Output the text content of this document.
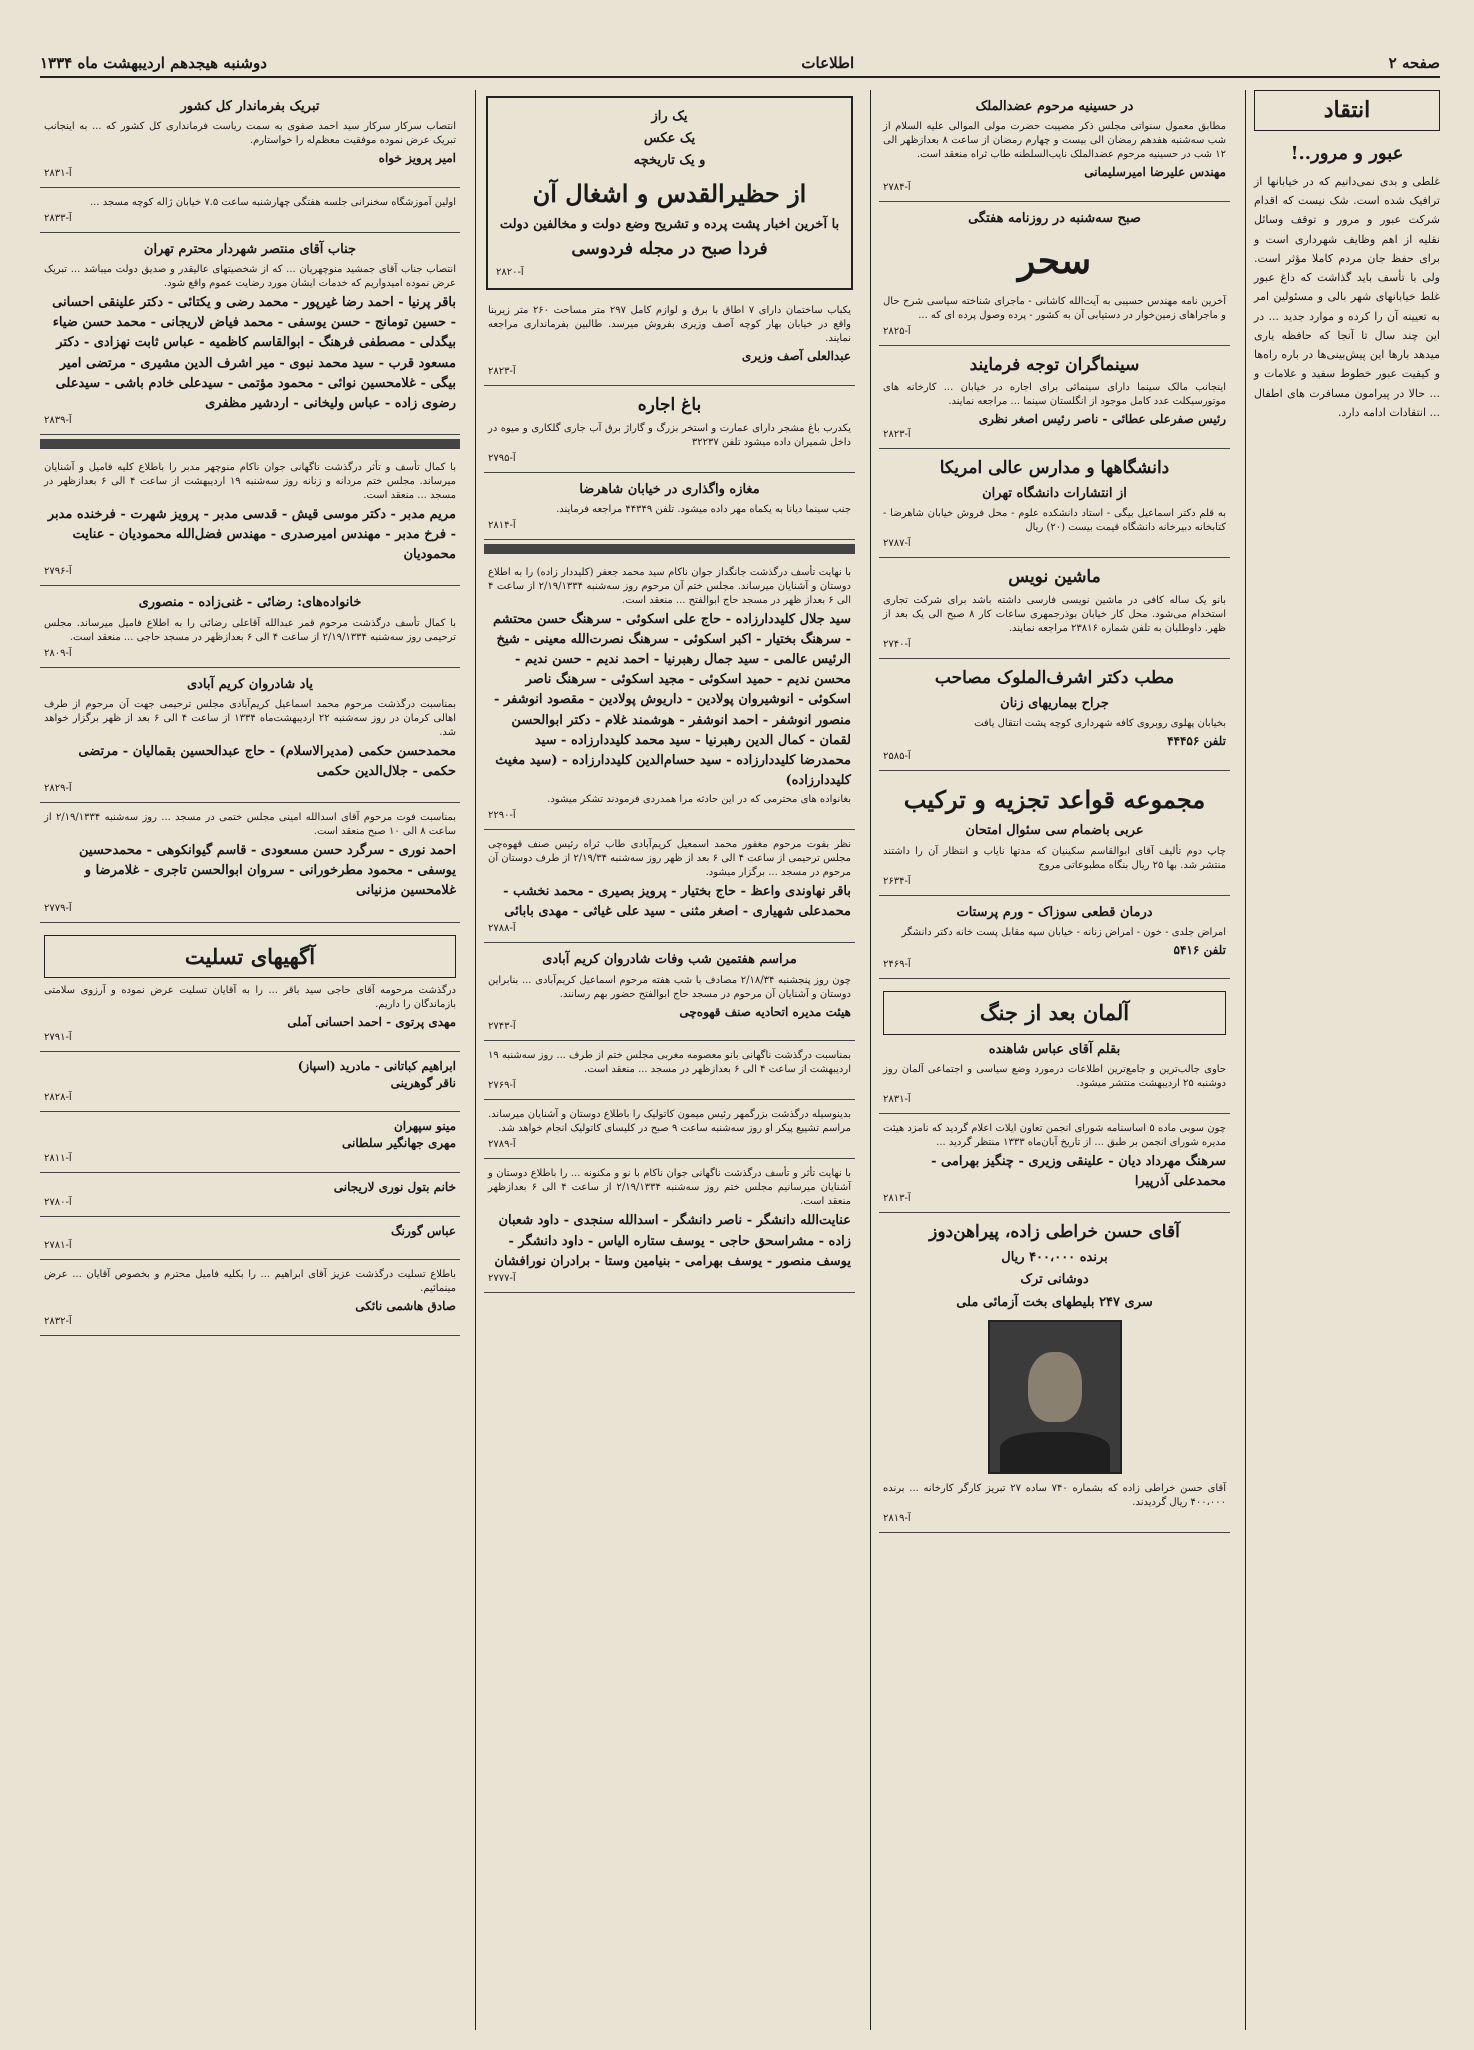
صفحه ۲
اطلاعات
دوشنبه هیجدهم اردیبهشت ماه ۱۳۳۴
انتقاد
عبور و مرور..!

غلطی و بدی نمی‌دانیم که در خیابانها از ترافیک شده است. شک نیست که اقدام شرکت عبور و مرور و توقف وسائل نقلیه از اهم وظایف شهرداری است و برای حفظ جان مردم کاملا مؤثر است. ولی با تأسف باید گذاشت که داغ عبور غلط خیابانهای شهر بالی و مسئولین امر به تعیینه آن را کرده و موارد جدید ... در این چند سال تا آنجا که حافظه یاری میدهد بارها این پیش‌بینی‌ها در باره راه‌ها و کیفیت عبور خطوط سفید و علامات و ... حالا در پیرامون مسافرت های اطفال ... انتقادات ادامه دارد.

در حسینیه مرحوم عضدالملک

مطابق معمول سنواتی مجلس ذکر مصیبت حضرت مولی الموالی علیه السلام از شب سه‌شنبه هفدهم رمضان الی بیست و چهارم رمضان از ساعت ۸ بعدازظهر الی ۱۲ شب در حسینیه مرحوم عضدالملک نایب‌السلطنه طاب ثراه منعقد است.

مهندس علیرضا امیرسلیمانی
آ-۲۷۸۴
صبح سه‌شنبه در روزنامه هفتگی
سحر

آخرین نامه مهندس حسیبی به آیت‌الله کاشانی - ماجرای شناخته سیاسی شرح حال و ماجراهای زمین‌خوار در دستیابی آن به کشور - پرده وصول پرده ای که ...

آ-۲۸۲۵
سینماگران توجه فرمایند

اینجانب مالک سینما دارای سینمائی برای اجاره در خیابان ... کارخانه های موتورسیکلت عدد کامل موجود از انگلستان سینما ... مراجعه نمایند.

رئیس صفرعلی عطائی - ناصر رئیس اصغر نظری
آ-۲۸۲۳
دانشگاهها و مدارس عالی امریکا
از انتشارات دانشگاه تهران

به قلم دکتر اسماعیل بیگی - استاد دانشکده علوم - محل فروش خیابان شاهرضا - کتابخانه دبیرخانه دانشگاه قیمت بیست (۲۰) ریال

آ-۲۷۸۷
ماشین نویس

بانو یک ساله کافی در ماشین نویسی فارسی داشته باشد برای شرکت تجاری استخدام می‌شود. محل کار خیابان بوذرجمهری ساعات کار ۸ صبح الی یک بعد از ظهر. داوطلبان به تلفن شماره ۲۳۸۱۶ مراجعه نمایند.

آ-۲۷۴۰
مطب دکتر اشرف‌الملوک مصاحب
جراح بیماریهای زنان

بخیابان پهلوی روبروی کافه شهرداری کوچه پشت انتقال یافت

تلفن ۴۴۴۵۶
آ-۲۵۸۵
مجموعه قواعد تجزیه و ترکیب
عربی باضمام سی سئوال امتحان

چاپ دوم تألیف آقای ابوالقاسم سکینیان که مدتها نایاب و انتظار آن را داشتند منتشر شد. بها ۲۵ ریال بنگاه مطبوعاتی مروج

آ-۲۶۳۴
درمان قطعی سوزاک - ورم پرستات

امراض جلدی - خون - امراض زنانه - خیابان سپه مقابل پست خانه دکتر دانشگر

تلفن ۵۴۱۶
آ-۲۴۶۹
آلمان بعد از جنگ
بقلم آقای عباس شاهنده

حاوی جالب‌ترین و جامع‌ترین اطلاعات درمورد وضع سیاسی و اجتماعی آلمان روز دوشنبه ۲۵ اردیبهشت منتشر میشود.

آ-۲۸۳۱

چون سوبی ماده ۵ اساسنامه شورای انجمن تعاون ایلات اعلام گردید که نامزد هیئت مدیره شورای انجمن بر طبق ... از تاریخ آبان‌ماه ۱۳۳۳ منتظر گردید ...

سرهنگ مهرداد دیان - علینقی وزیری - چنگیز بهرامی - محمدعلی آذرپیرا
آ-۲۸۱۳
آقای حسن خراطی زاده، پیراهن‌دوز
برنده ۴۰۰،۰۰۰ ریال
دوشانی ترک
سری ۲۴۷ بلیطهای بخت آزمائی ملی

آقای حسن خراطی زاده که بشماره ۷۴۰ ساده ۲۷ تبریز کارگر کارخانه ... برنده ۴۰۰،۰۰۰ ریال گردیدند.

آ-۲۸۱۹
یک راز
یک عکس
و یک تاریخچه
از حظیرالقدس و اشغال آن
با آخرین اخبار پشت پرده و تشریح وضع دولت و مخالفین دولت
فردا صبح در مجله فردوسی
آ-۲۸۲۰

یکباب ساختمان دارای ۷ اطاق با برق و لوازم کامل ۲۹۷ متر مساحت ۲۶۰ متر زیربنا واقع در خیابان بهار کوچه آصف وزیری بفروش میرسد. طالبین بفرمانداری مراجعه نمایند.

عبدالعلی آصف وزیری
آ-۲۸۲۳
باغ اجاره

یکدرب باغ مشجر دارای عمارت و استخر بزرگ و گاراژ برق آب جاری گلکاری و میوه در داخل شمیران داده میشود تلفن ۳۲۲۳۷

آ-۲۷۹۵
مغازه واگذاری در خیابان شاهرضا

جنب سینما دیانا به یکماه مهر داده میشود. تلفن ۴۴۳۴۹ مراجعه فرمایند.

آ-۲۸۱۴

با نهایت تأسف درگذشت جانگداز جوان ناکام سید محمد جعفر (کلیددار زاده) را به اطلاع دوستان و آشنایان میرساند. مجلس ختم آن مرحوم روز سه‌شنبه ۲/۱۹/۱۳۳۴ از ساعت ۴ الی ۶ بعداز ظهر در مسجد حاج ابوالفتح ... منعقد است.

سید جلال کلیددارزاده - حاج علی اسکوئی - سرهنگ حسن محتشم - سرهنگ بختیار - اکبر اسکوئی - سرهنگ نصرت‌الله معینی - شیخ الرئیس عالمی - سید جمال رهبرنیا - احمد ندیم - حسن ندیم - محسن ندیم - حمید اسکوئی - مجید اسکوئی - سرهنگ ناصر اسکوئی - انوشیروان پولادین - داریوش پولادین - مقصود انوشفر - منصور انوشفر - احمد انوشفر - هوشمند غلام - دکتر ابوالحسن لقمان - کمال الدین رهبرنیا - سید محمد کلیددارزاده - سید محمدرضا کلیددارزاده - سید حسام‌الدین کلیددارزاده - (سید مغیث کلیددارزاده)

بغانواده های محترمی که در این حادثه مرا همدردی فرمودند تشکر میشود.

آ-۲۲۹۰

نظر بفوت مرحوم مغفور محمد اسمعیل کریم‌آبادی طاب ثراه رئیس صنف قهوه‌چی مجلس ترحیمی از ساعت ۴ الی ۶ بعد از ظهر روز سه‌شنبه ۲/۱۹/۳۴ از طرف دوستان آن مرحوم در مسجد ... برگزار میشود.

باقر نهاوندی واعظ - حاج بختیار - پرویز بصیری - محمد نخشب - محمدعلی شهیاری - اصغر مثنی - سید علی غیاثی - مهدی بابائی
آ-۲۷۸۸
مراسم هفتمین شب وفات شادروان کریم آبادی

چون روز پنجشنبه ۲/۱۸/۳۴ مصادف با شب هفته مرحوم اسماعیل کریم‌آبادی ... بنابراین دوستان و آشنایان آن مرحوم در مسجد حاج ابوالفتح حضور بهم رسانند.

هیئت مدیره اتحادیه صنف قهوه‌چی
آ-۲۷۴۳

بمناسبت درگذشت ناگهانی بانو معصومه مغربی مجلس ختم از طرف ... روز سه‌شنبه ۱۹ اردیبهشت از ساعت ۴ الی ۶ بعدازظهر در مسجد ... منعقد است.

آ-۲۷۶۹

بدینوسیله درگذشت بزرگمهر رئیس میمون کاتولیک را باطلاع دوستان و آشنایان میرساند. مراسم تشییع پیکر او روز سه‌شنبه ساعت ۹ صبح در کلیسای کاتولیک انجام خواهد شد.

آ-۲۷۸۹

با نهایت تأثر و تأسف درگذشت ناگهانی جوان ناکام با نو و مکنونه ... را باطلاع دوستان و آشنایان میرسانیم مجلس ختم روز سه‌شنبه ۲/۱۹/۱۳۳۴ از ساعت ۴ الی ۶ بعدازظهر منعقد است.

عنایت‌الله دانشگر - ناصر دانشگر - اسدالله سنجدی - داود شعبان زاده - مشراسحق حاجی - یوسف ستاره الیاس - داود دانشگر - یوسف منصور - یوسف بهرامی - بنیامین وستا - برادران نورافشان
آ-۲۷۷۷
تبریک بفرماندار کل کشور

انتصاب سرکار سرکار سید احمد صفوی به سمت ریاست فرمانداری کل کشور که ... به اینجانب تبریک عرض نموده موفقیت معظم‌له را خواستارم.

امیر پرویز خواه
آ-۲۸۳۱

اولین آموزشگاه سخنرانی جلسه هفتگی چهارشنبه ساعت ۷.۵ خیابان ژاله کوچه مسجد ...

آ-۲۸۳۳
جناب آقای منتصر شهردار محترم تهران

انتصاب جناب آقای جمشید منوچهریان ... که از شخصیتهای عالیقدر و صدیق دولت میباشد ... تبریک عرض نموده امیدواریم که خدمات ایشان مورد رضایت عموم واقع شود.

باقر پرنیا - احمد رضا غیرپور - محمد رضی و یکتائی - دکتر علینقی احسانی - حسین تومانج - حسن یوسفی - محمد فیاض لاریجانی - محمد حسن ضیاء بیگدلی - مصطفی فرهنگ - ابوالقاسم کاظمیه - عباس ثابت نهزادی - دکتر مسعود قرب - سید محمد نبوی - میر اشرف الدین مشیری - مرتضی امیر بیگی - غلامحسین نوائی - محمود مؤتمی - سیدعلی خادم باشی - سیدعلی رضوی زاده - عباس ولیخانی - اردشیر مظفری
آ-۲۸۳۹

با کمال تأسف و تأثر درگذشت ناگهانی جوان ناکام منوچهر مدبر را باطلاع کلیه فامیل و آشنایان میرساند. مجلس ختم مردانه و زنانه روز سه‌شنبه ۱۹ اردیبهشت از ساعت ۴ الی ۶ بعدازظهر در مسجد ... منعقد است.

مریم مدبر - دکتر موسی قیش - قدسی مدبر - پرویز شهرت - فرخنده مدبر - فرخ مدبر - مهندس امیرصدری - مهندس فضل‌الله محمودیان - عنایت محمودیان
آ-۲۷۹۶
خانواده‌های: رضائی - غنی‌زاده - منصوری

با کمال تأسف درگذشت مرحوم قمر عبدالله آقاعلی رضائی را به اطلاع فامیل میرساند. مجلس ترحیمی روز سه‌شنبه ۲/۱۹/۱۳۳۴ از ساعت ۴ الی ۶ بعدازظهر در مسجد حاجی ... منعقد است.

آ-۲۸۰۹
یاد شادروان کریم آبادی

بمناسبت درگذشت مرحوم محمد اسماعیل کریم‌آبادی مجلس ترحیمی جهت آن مرحوم از طرف اهالی کرمان در روز سه‌شنبه ۲۲ اردیبهشت‌ماه ۱۳۳۴ از ساعت ۴ الی ۶ بعد از ظهر برگزار خواهد شد.

محمدحسن حکمی (مدیرالاسلام) - حاج عبدالحسین بقمالیان - مرتضی حکمی - جلال‌الدین حکمی
آ-۲۸۲۹

بمناسبت فوت مرحوم آقای اسدالله امینی مجلس ختمی در مسجد ... روز سه‌شنبه ۲/۱۹/۱۳۳۴ از ساعت ۸ الی ۱۰ صبح منعقد است.

احمد نوری - سرگرد حسن مسعودی - قاسم گیوانکوهی - محمدحسین یوسفی - محمود مطرخورانی - سروان ابوالحسن تاجری - غلامرضا و غلامحسین مزنیانی
آ-۲۷۷۹
آگهیهای تسلیت

درگذشت مرحومه آقای حاجی سید باقر ... را به آقایان تسلیت عرض نموده و آرزوی سلامتی بازماندگان را داریم.

مهدی پرتوی - احمد احسانی آملی
آ-۲۷۹۱
ابراهیم کباتانی - مادرید (اسپاز)
ناقر گوهرینی
آ-۲۸۲۸
مینو سپهران
مهری جهانگیر سلطانی
آ-۲۸۱۱
خانم بتول نوری لاریجانی
آ-۲۷۸۰
عباس گورنگ
آ-۲۷۸۱

باطلاع تسلیت درگذشت عزیز آقای ابراهیم ... را بکلیه فامیل محترم و بخصوص آقایان ... عرض مینمائیم.

صادق هاشمی نائکی
آ-۲۸۳۲
